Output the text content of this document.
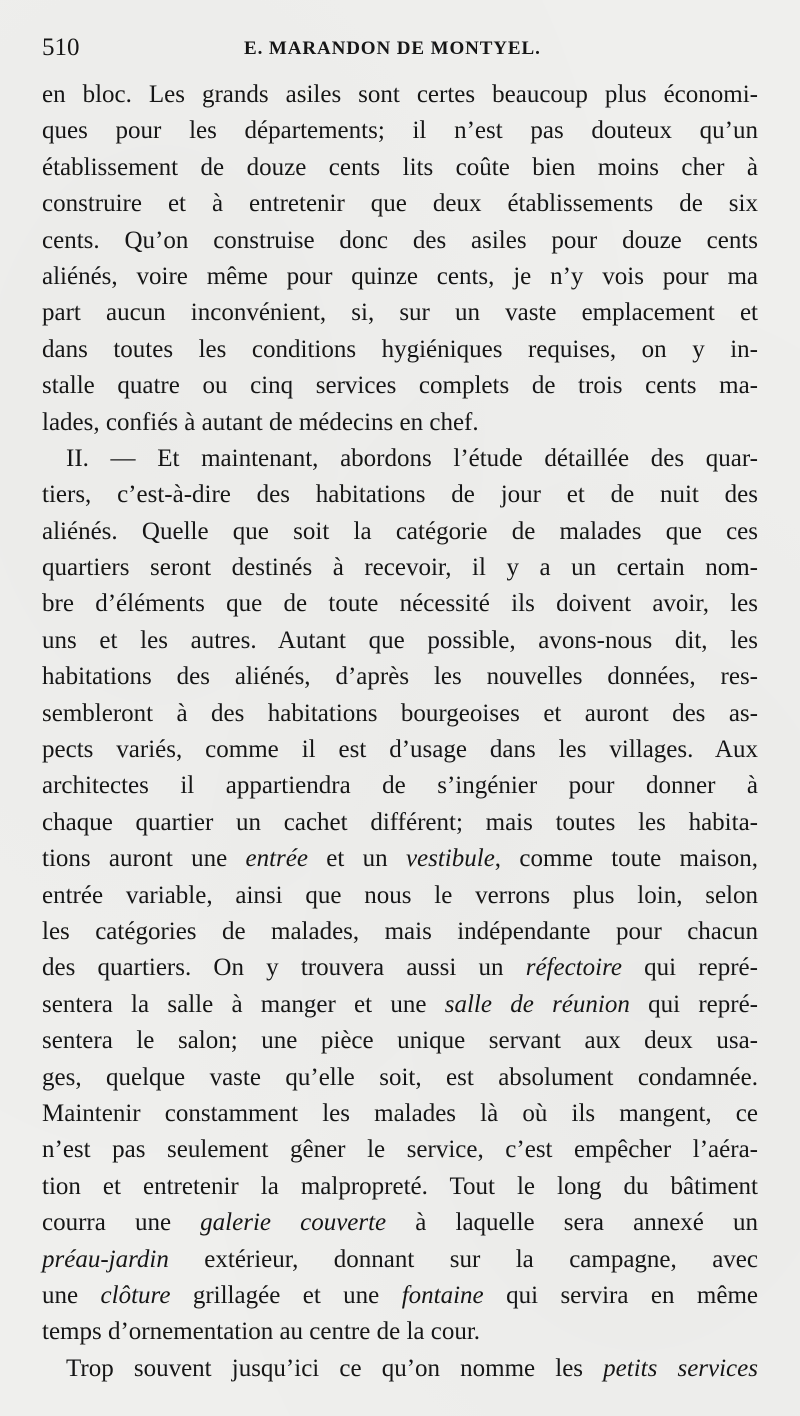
510	E. MARANDON DE MONTYEL.
en bloc. Les grands asiles sont certes beaucoup plus économi-
ques pour les départements; il n’est pas douteux qu’un
établissement de douze cents lits coûte bien moins cher à
construire et à entretenir que deux établissements de six
cents. Qu’on construise donc des asiles pour douze cents
aliénés, voire même pour quinze cents, je n’y vois pour ma
part aucun inconvénient, si, sur un vaste emplacement et
dans toutes les conditions hygiéniques requises, on y in-
stalle quatre ou cinq services complets de trois cents ma-
lades, confiés à autant de médecins en chef.
II. — Et maintenant, abordons l’étude détaillée des quar-
tiers, c’est-à-dire des habitations de jour et de nuit des
aliénés. Quelle que soit la catégorie de malades que ces
quartiers seront destinés à recevoir, il y a un certain nom-
bre d’éléments que de toute nécessité ils doivent avoir, les
uns et les autres. Autant que possible, avons-nous dit, les
habitations des aliénés, d’après les nouvelles données, res-
sembleront à des habitations bourgeoises et auront des as-
pects variés, comme il est d’usage dans les villages. Aux
architectes il appartiendra de s’ingénier pour donner à
chaque quartier un cachet différent; mais toutes les habita-
tions auront une entrée et un vestibule, comme toute maison,
entrée variable, ainsi que nous le verrons plus loin, selon
les catégories de malades, mais indépendante pour chacun
des quartiers. On y trouvera aussi un réfectoire qui repré-
sentera la salle à manger et une salle de réunion qui repré-
sentera le salon; une pièce unique servant aux deux usa-
ges, quelque vaste qu’elle soit, est absolument condamnée.
Maintenir constamment les malades là où ils mangent, ce
n’est pas seulement gêner le service, c’est empêcher l’aéra-
tion et entretenir la malpropreté. Tout le long du bâtiment
courra une galerie couverte à laquelle sera annexé un
préau-jardin extérieur, donnant sur la campagne, avec
une clôture grillagée et une fontaine qui servira en même
temps d’ornementation au centre de la cour.
Trop souvent jusqu’ici ce qu’on nomme les petits services
